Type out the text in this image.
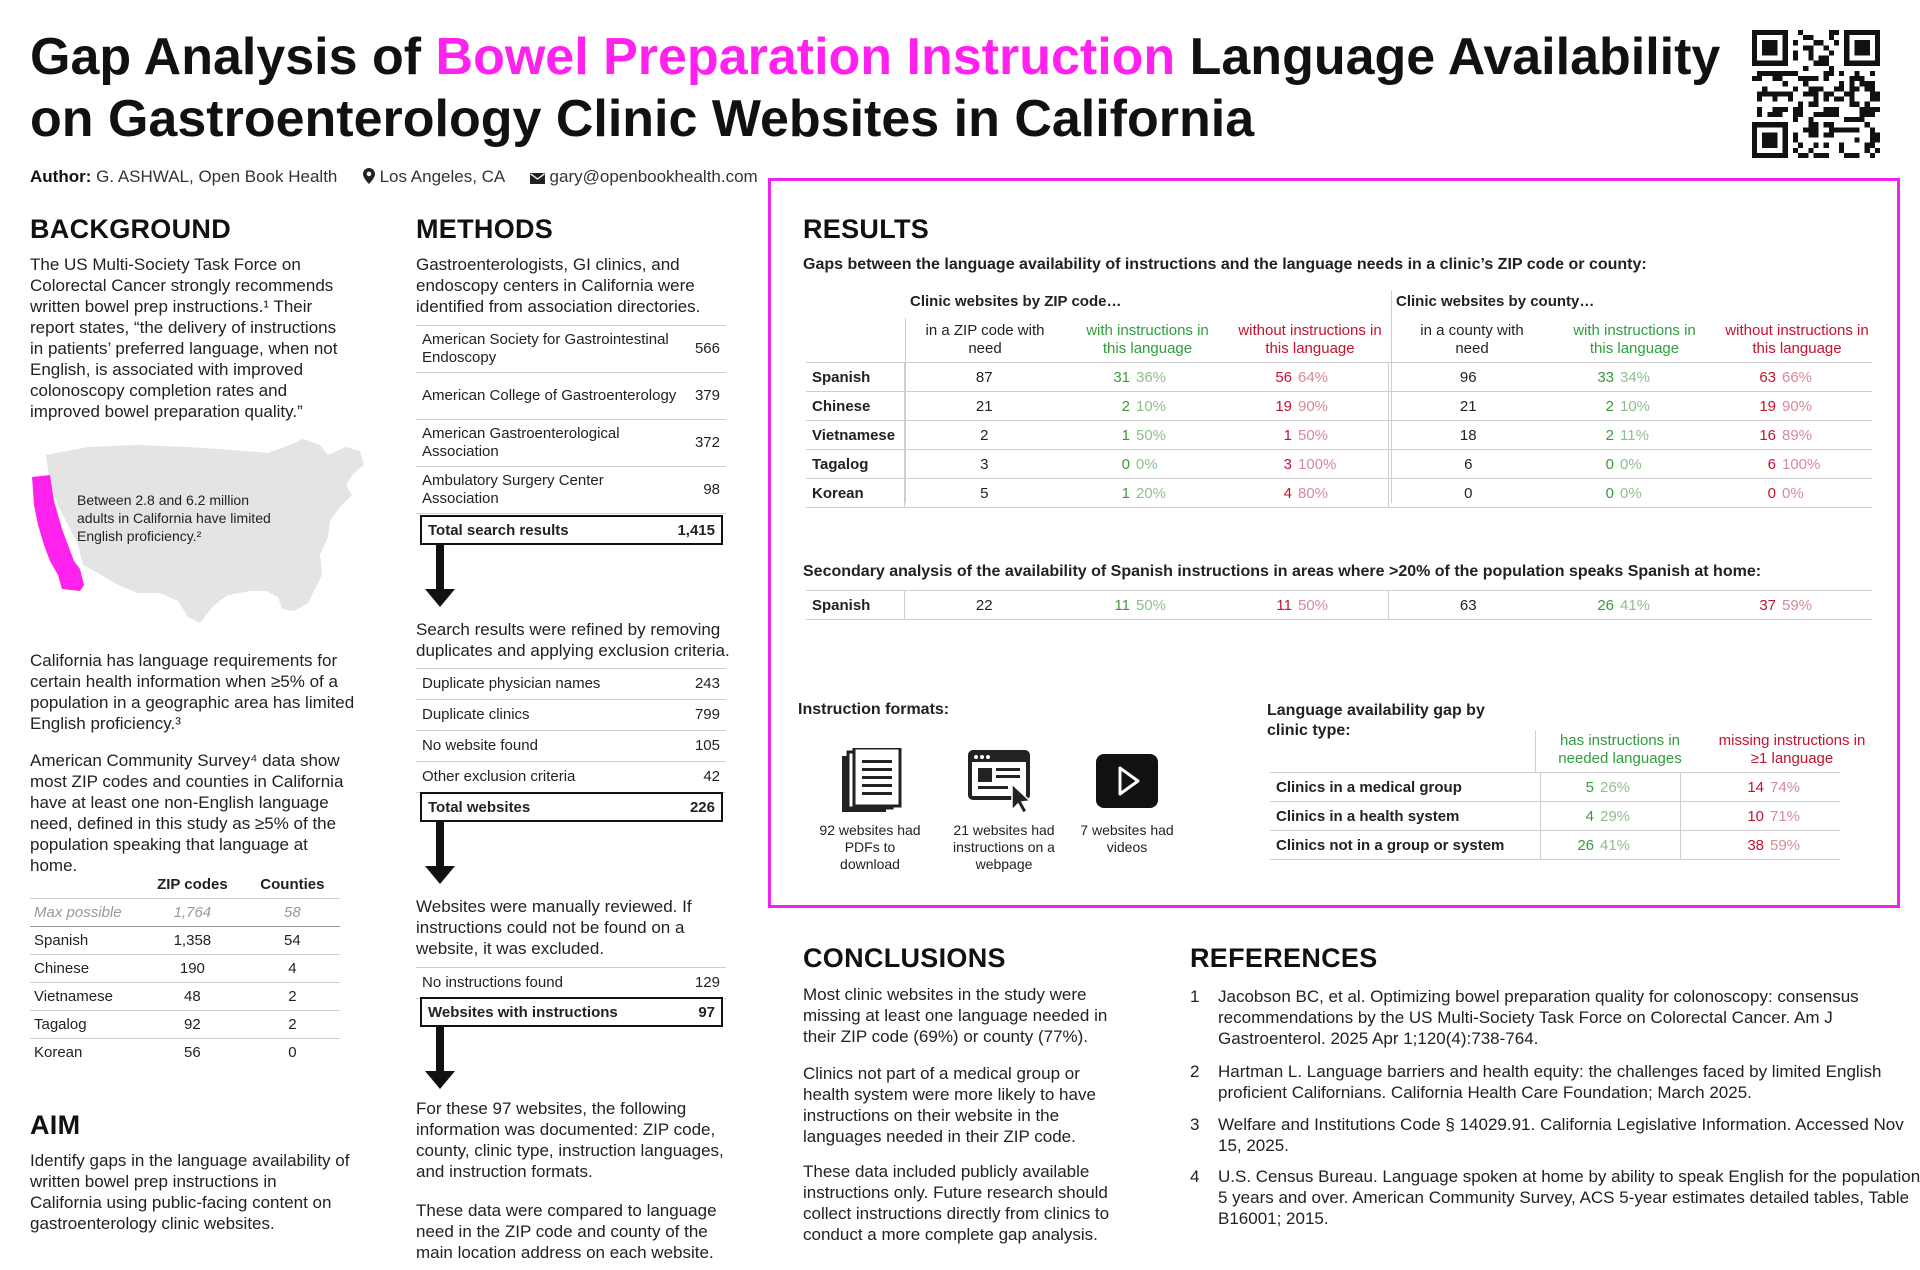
Gap Analysis of Bowel Preparation Instruction Language Availability
on Gastroenterology Clinic Websites in California
Author: G. ASHWAL, Open Book Health Los Angeles, CA	gary@openbookhealth.com
BACKGROUND

The US Multi-Society Task Force on Colorectal Cancer strongly recommends written bowel prep instructions.¹ Their report states, “the delivery of instructions in patients’ preferred language, when not English, is associated with improved colonoscopy completion rates and improved bowel preparation quality.”

Between 2.8 and 6.2 million adults in California have limited English proficiency.²

California has language requirements for certain health information when ≥5% of a population in a geographic area has limited English proficiency.³

American Community Survey⁴ data show most ZIP codes and counties in California have at least one non-English language need, defined in this study as ≥5% of the population speaking that language at home.

	ZIP codes	Counties
Max possible	1,764	58
Spanish	1,358	54
Chinese	190	4
Vietnamese	48	2
Tagalog	92	2
Korean	56	0
AIM

Identify gaps in the language availability of written bowel prep instructions in California using public-facing content on gastroenterology clinic websites.

METHODS

Gastroenterologists, GI clinics, and endoscopy centers in California were identified from association directories.

American Society for Gastrointestinal Endoscopy	566
American College of Gastroenterology	379
American Gastroenterological Association	372
Ambulatory Surgery Center Association	98
Total search results	1,415

Search results were refined by removing duplicates and applying exclusion criteria.

Duplicate physician names	243
Duplicate clinics	799
No website found	105
Other exclusion criteria	42
Total websites	226

Websites were manually reviewed. If instructions could not be found on a website, it was excluded.

No instructions found	129
Websites with instructions	97

For these 97 websites, the following information was documented: ZIP code, county, clinic type, instruction languages, and instruction formats.

These data were compared to language need in the ZIP code and county of the main location address on each website.

RESULTS
Gaps between the language availability of instructions and the language needs in a clinic’s ZIP code or county:
Clinic websites by ZIP code…	Clinic websites by county…
in a ZIP code with need
with instructions in this language
without instructions in this language
in a county with need
with instructions in this language
without instructions in this language
Spanish	87	31	36%	56	64%	96	33	34%	63	66%
Chinese	21	2	10%	19	90%	21	2	10%	19	90%
Vietnamese	2	1	50%	1	50%	18	2	11%	16	89%
Tagalog	3	0	0%	3	100%	6	0	0%	6	100%
Korean	5	1	20%	4	80%	0	0	0%	0	0%
Secondary analysis of the availability of Spanish instructions in areas where >20% of the population speaks Spanish at home:
Spanish	22	11	50%	11	50%	63	26	41%	37	59%
Instruction formats:
92 websites had PDFs to download
21 websites had instructions on a webpage
7 websites had videos
Language availability gap by clinic type:
has instructions in needed languages
missing instructions in ≥1 language
Clinics in a medical group	5	26%	14	74%
Clinics in a health system	4	29%	10	71%
Clinics not in a group or system	26	41%	38	59%
CONCLUSIONS

Most clinic websites in the study were missing at least one language needed in their ZIP code (69%) or county (77%).

Clinics not part of a medical group or health system were more likely to have instructions on their website in the languages needed in their ZIP code.

These data included publicly available instructions only. Future research should collect instructions directly from clinics to conduct a more complete gap analysis.

REFERENCES
1	Jacobson BC, et al. Optimizing bowel preparation quality for colonoscopy: consensus recommendations by the US Multi-Society Task Force on Colorectal Cancer. Am J Gastroenterol. 2025 Apr 1;120(4):738-764.
2	Hartman L. Language barriers and health equity: the challenges faced by limited English proficient Californians. California Health Care Foundation; March 2025.
3	Welfare and Institutions Code § 14029.91. California Legislative Information. Accessed Nov 15, 2025.
4	U.S. Census Bureau. Language spoken at home by ability to speak English for the population 5 years and over. American Community Survey, ACS 5-year estimates detailed tables, Table B16001; 2015.
